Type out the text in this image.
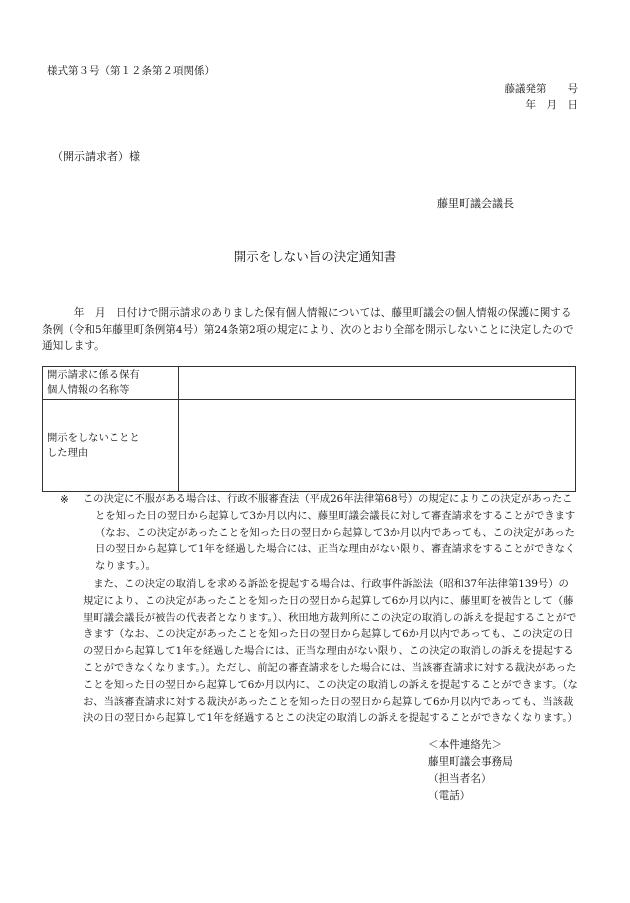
様式第３号（第１２条第２項関係）
藤議発第　　号
年　月　日
（開示請求者）様
藤里町議会議長
開示をしない旨の決定通知書
　　　年　月　日付けで開示請求のありました保有個人情報については、藤里町議会の個人情報の保護に関する条例（令和5年藤里町条例第4号）第24条第2項の規定により、次のとおり全部を開示しないことに決定したので通知します。
開示請求に係る保有
個人情報の名称等	

開示をしないことと
した理由	

※ この決定に不服がある場合は、行政不服審査法（平成26年法律第68号）の規定によりこの決定があったことを知った日の翌日から起算して3か月以内に、藤里町議会議長に対して審査請求をすることができます（なお、この決定があったことを知った日の翌日から起算して3か月以内であっても、この決定があった日の翌日から起算して1年を経過した場合には、正当な理由がない限り、審査請求をすることができなくなります。）。
　また、この決定の取消しを求める訴訟を提起する場合は、行政事件訴訟法（昭和37年法律第139号）の規定により、この決定があったことを知った日の翌日から起算して6か月以内に、藤里町を被告として（藤里町議会議長が被告の代表者となります。）、秋田地方裁判所にこの決定の取消しの訴えを提起することができます（なお、この決定があったことを知った日の翌日から起算して6か月以内であっても、この決定の日の翌日から起算して1年を経過した場合には、正当な理由がない限り、この決定の取消しの訴えを提起することができなくなります。）。ただし、前記の審査請求をした場合には、当該審査請求に対する裁決があったことを知った日の翌日から起算して6か月以内に、この決定の取消しの訴えを提起することができます。（なお、当該審査請求に対する裁決があったことを知った日の翌日から起算して6か月以内であっても、当該裁決の日の翌日から起算して1年を経過するとこの決定の取消しの訴えを提起することができなくなります。）
＜本件連絡先＞
藤里町議会事務局
（担当者名）
（電話）
